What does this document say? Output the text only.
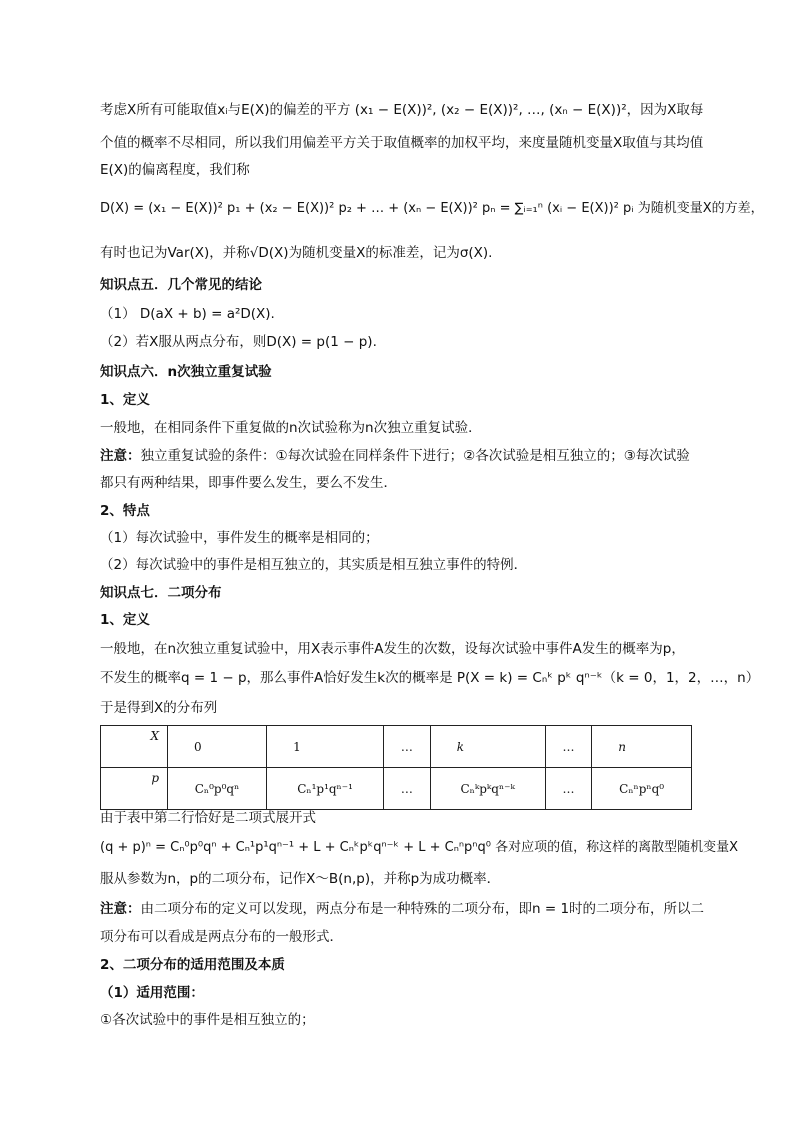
考虑X所有可能取值xᵢ与E(X)的偏差的平方 (x₁ − E(X))², (x₂ − E(X))², …, (xₙ − E(X))²，因为X取每
个值的概率不尽相同，所以我们用偏差平方关于取值概率的加权平均，来度量随机变量X取值与其均值
E(X)的偏离程度，我们称
D(X) = (x₁ − E(X))² p₁ + (x₂ − E(X))² p₂ + … + (xₙ − E(X))² pₙ = ∑ᵢ₌₁ⁿ (xᵢ − E(X))² pᵢ 为随机变量X的方差，
有时也记为Var(X)，并称√D(X)为随机变量X的标准差，记为σ(X).
知识点五．几个常见的结论
（1） D(aX + b) = a²D(X).
（2）若X服从两点分布，则D(X) = p(1 − p).
知识点六．n次独立重复试验
1、定义
一般地，在相同条件下重复做的n次试验称为n次独立重复试验．
注意：独立重复试验的条件：①每次试验在同样条件下进行；②各次试验是相互独立的；③每次试验
都只有两种结果，即事件要么发生，要么不发生．
2、特点
（1）每次试验中，事件发生的概率是相同的；
（2）每次试验中的事件是相互独立的，其实质是相互独立事件的特例．
知识点七．二项分布
1、定义
一般地，在n次独立重复试验中，用X表示事件A发生的次数，设每次试验中事件A发生的概率为p，
不发生的概率q = 1 − p，那么事件A恰好发生k次的概率是 P(X = k) = Cₙᵏ pᵏ qⁿ⁻ᵏ（k = 0，1，2，…，n）
于是得到X的分布列
X	0	1	…	k	…	n
p	Cₙ⁰p⁰qⁿ	Cₙ¹p¹qⁿ⁻¹	…	Cₙᵏpᵏqⁿ⁻ᵏ	…	Cₙⁿpⁿq⁰
由于表中第二行恰好是二项式展开式
(q + p)ⁿ = Cₙ⁰p⁰qⁿ + Cₙ¹p¹qⁿ⁻¹ + L + Cₙᵏpᵏqⁿ⁻ᵏ + L + Cₙⁿpⁿq⁰ 各对应项的值，称这样的离散型随机变量X
服从参数为n，p的二项分布，记作X～B(n,p)，并称p为成功概率．
注意：由二项分布的定义可以发现，两点分布是一种特殊的二项分布，即n = 1时的二项分布，所以二
项分布可以看成是两点分布的一般形式．
2、二项分布的适用范围及本质
（1）适用范围：
①各次试验中的事件是相互独立的；
